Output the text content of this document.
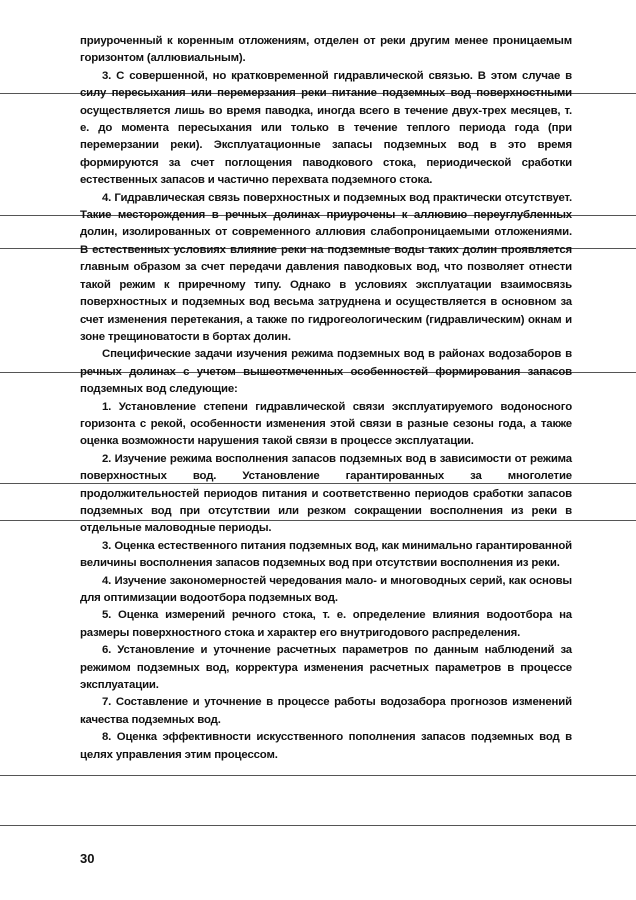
приуроченный к коренным отложениям, отделен от реки другим менее проницаемым горизонтом (аллювиальным).

3. С совершенной, но кратковременной гидравлической связью. В этом случае в силу пересыхания или перемерзания реки питание подземных вод поверхностными осуществляется лишь во время паводка, иногда всего в течение двух-трех месяцев, т. е. до момента пересыхания или только в течение теплого периода года (при перемерзании реки). Эксплуатационные запасы подземных вод в это время формируются за счет поглощения паводкового стока, периодической сработки естественных запасов и частично перехвата подземного стока.

4. Гидравлическая связь поверхностных и подземных вод практически отсутствует. Такие месторождения в речных долинах приурочены к аллювию переуглубленных долин, изолированных от современного аллювия слабопроницаемыми отложениями. В естественных условиях влияние реки на подземные воды таких долин проявляется главным образом за счет передачи давления паводковых вод, что позволяет отнести такой режим к приречному типу. Однако в условиях эксплуатации взаимосвязь поверхностных и подземных вод весьма затруднена и осуществляется в основном за счет изменения перетекания, а также по гидрогеологическим (гидравлическим) окнам и зоне трещиноватости в бортах долин.

Специфические задачи изучения режима подземных вод в районах водозаборов в речных долинах с учетом вышеотмеченных особенностей формирования запасов подземных вод следующие:

1. Установление степени гидравлической связи эксплуатируемого водоносного горизонта с рекой, особенности изменения этой связи в разные сезоны года, а также оценка возможности нарушения такой связи в процессе эксплуатации.

2. Изучение режима восполнения запасов подземных вод в зависимости от режима поверхностных вод. Установление гарантированных за многолетие продолжительностей периодов питания и соответственно периодов сработки запасов подземных вод при отсутствии или резком сокращении восполнения из реки в отдельные маловодные периоды.

3. Оценка естественного питания подземных вод, как минимально гарантированной величины восполнения запасов подземных вод при отсутствии восполнения из реки.

4. Изучение закономерностей чередования мало- и многоводных серий, как основы для оптимизации водоотбора подземных вод.

5. Оценка измерений речного стока, т. е. определение влияния водоотбора на размеры поверхностного стока и характер его внутригодового распределения.

6. Установление и уточнение расчетных параметров по данным наблюдений за режимом подземных вод, корректура изменения расчетных параметров в процессе эксплуатации.

7. Составление и уточнение в процессе работы водозабора прогнозов изменений качества подземных вод.

8. Оценка эффективности искусственного пополнения запасов подземных вод в целях управления этим процессом.

30
